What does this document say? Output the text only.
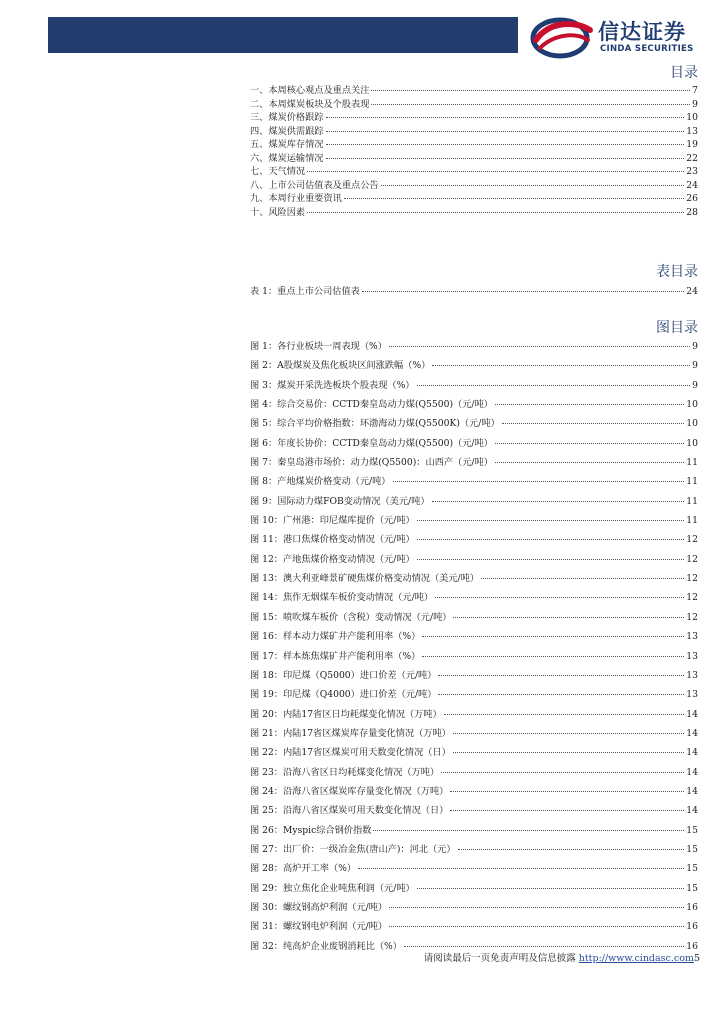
信达证券
CINDA SECURITIES
目录
一、本周核心观点及重点关注	7
二、本周煤炭板块及个股表现	9
三、煤炭价格跟踪	10
四、煤炭供需跟踪	13
五、煤炭库存情况	19
六、煤炭运输情况	22
七、天气情况	23
八、上市公司估值表及重点公告	24
九、本周行业重要资讯	26
十、风险因素	28
表目录
表 1：重点上市公司估值表	24
图目录
图 1：各行业板块一周表现（%）	9
图 2：A股煤炭及焦化板块区间涨跌幅（%）	9
图 3：煤炭开采洗选板块个股表现（%）	9
图 4：综合交易价：CCTD秦皇岛动力煤(Q5500)（元/吨）	10
图 5：综合平均价格指数：环渤海动力煤(Q5500K)（元/吨）	10
图 6：年度长协价：CCTD秦皇岛动力煤(Q5500)（元/吨）	10
图 7：秦皇岛港市场价：动力煤(Q5500)：山西产（元/吨）	11
图 8：产地煤炭价格变动（元/吨）	11
图 9：国际动力煤FOB变动情况（美元/吨）	11
图 10：广州港：印尼煤库提价（元/吨）	11
图 11：港口焦煤价格变动情况（元/吨）	12
图 12：产地焦煤价格变动情况（元/吨）	12
图 13：澳大利亚峰景矿硬焦煤价格变动情况（美元/吨）	12
图 14：焦作无烟煤车板价变动情况（元/吨）	12
图 15：喷吹煤车板价（含税）变动情况（元/吨）	12
图 16：样本动力煤矿井产能利用率（%）	13
图 17：样本炼焦煤矿井产能利用率（%）	13
图 18：印尼煤（Q5000）进口价差（元/吨）	13
图 19：印尼煤（Q4000）进口价差（元/吨）	13
图 20：内陆17省区日均耗煤变化情况（万吨）	14
图 21：内陆17省区煤炭库存量变化情况（万吨）	14
图 22：内陆17省区煤炭可用天数变化情况（日）	14
图 23：沿海八省区日均耗煤变化情况（万吨）	14
图 24：沿海八省区煤炭库存量变化情况（万吨）	14
图 25：沿海八省区煤炭可用天数变化情况（日）	14
图 26：Myspic综合钢价指数	15
图 27：出厂价：一级冶金焦(唐山产)：河北（元）	15
图 28：高炉开工率（%）	15
图 29：独立焦化企业吨焦利润（元/吨）	15
图 30：螺纹钢高炉利润（元/吨）	16
图 31：螺纹钢电炉利润（元/吨）	16
图 32：纯高炉企业废钢消耗比（%）	16
请阅读最后一页免责声明及信息披露 http://www.cindasc.com5
